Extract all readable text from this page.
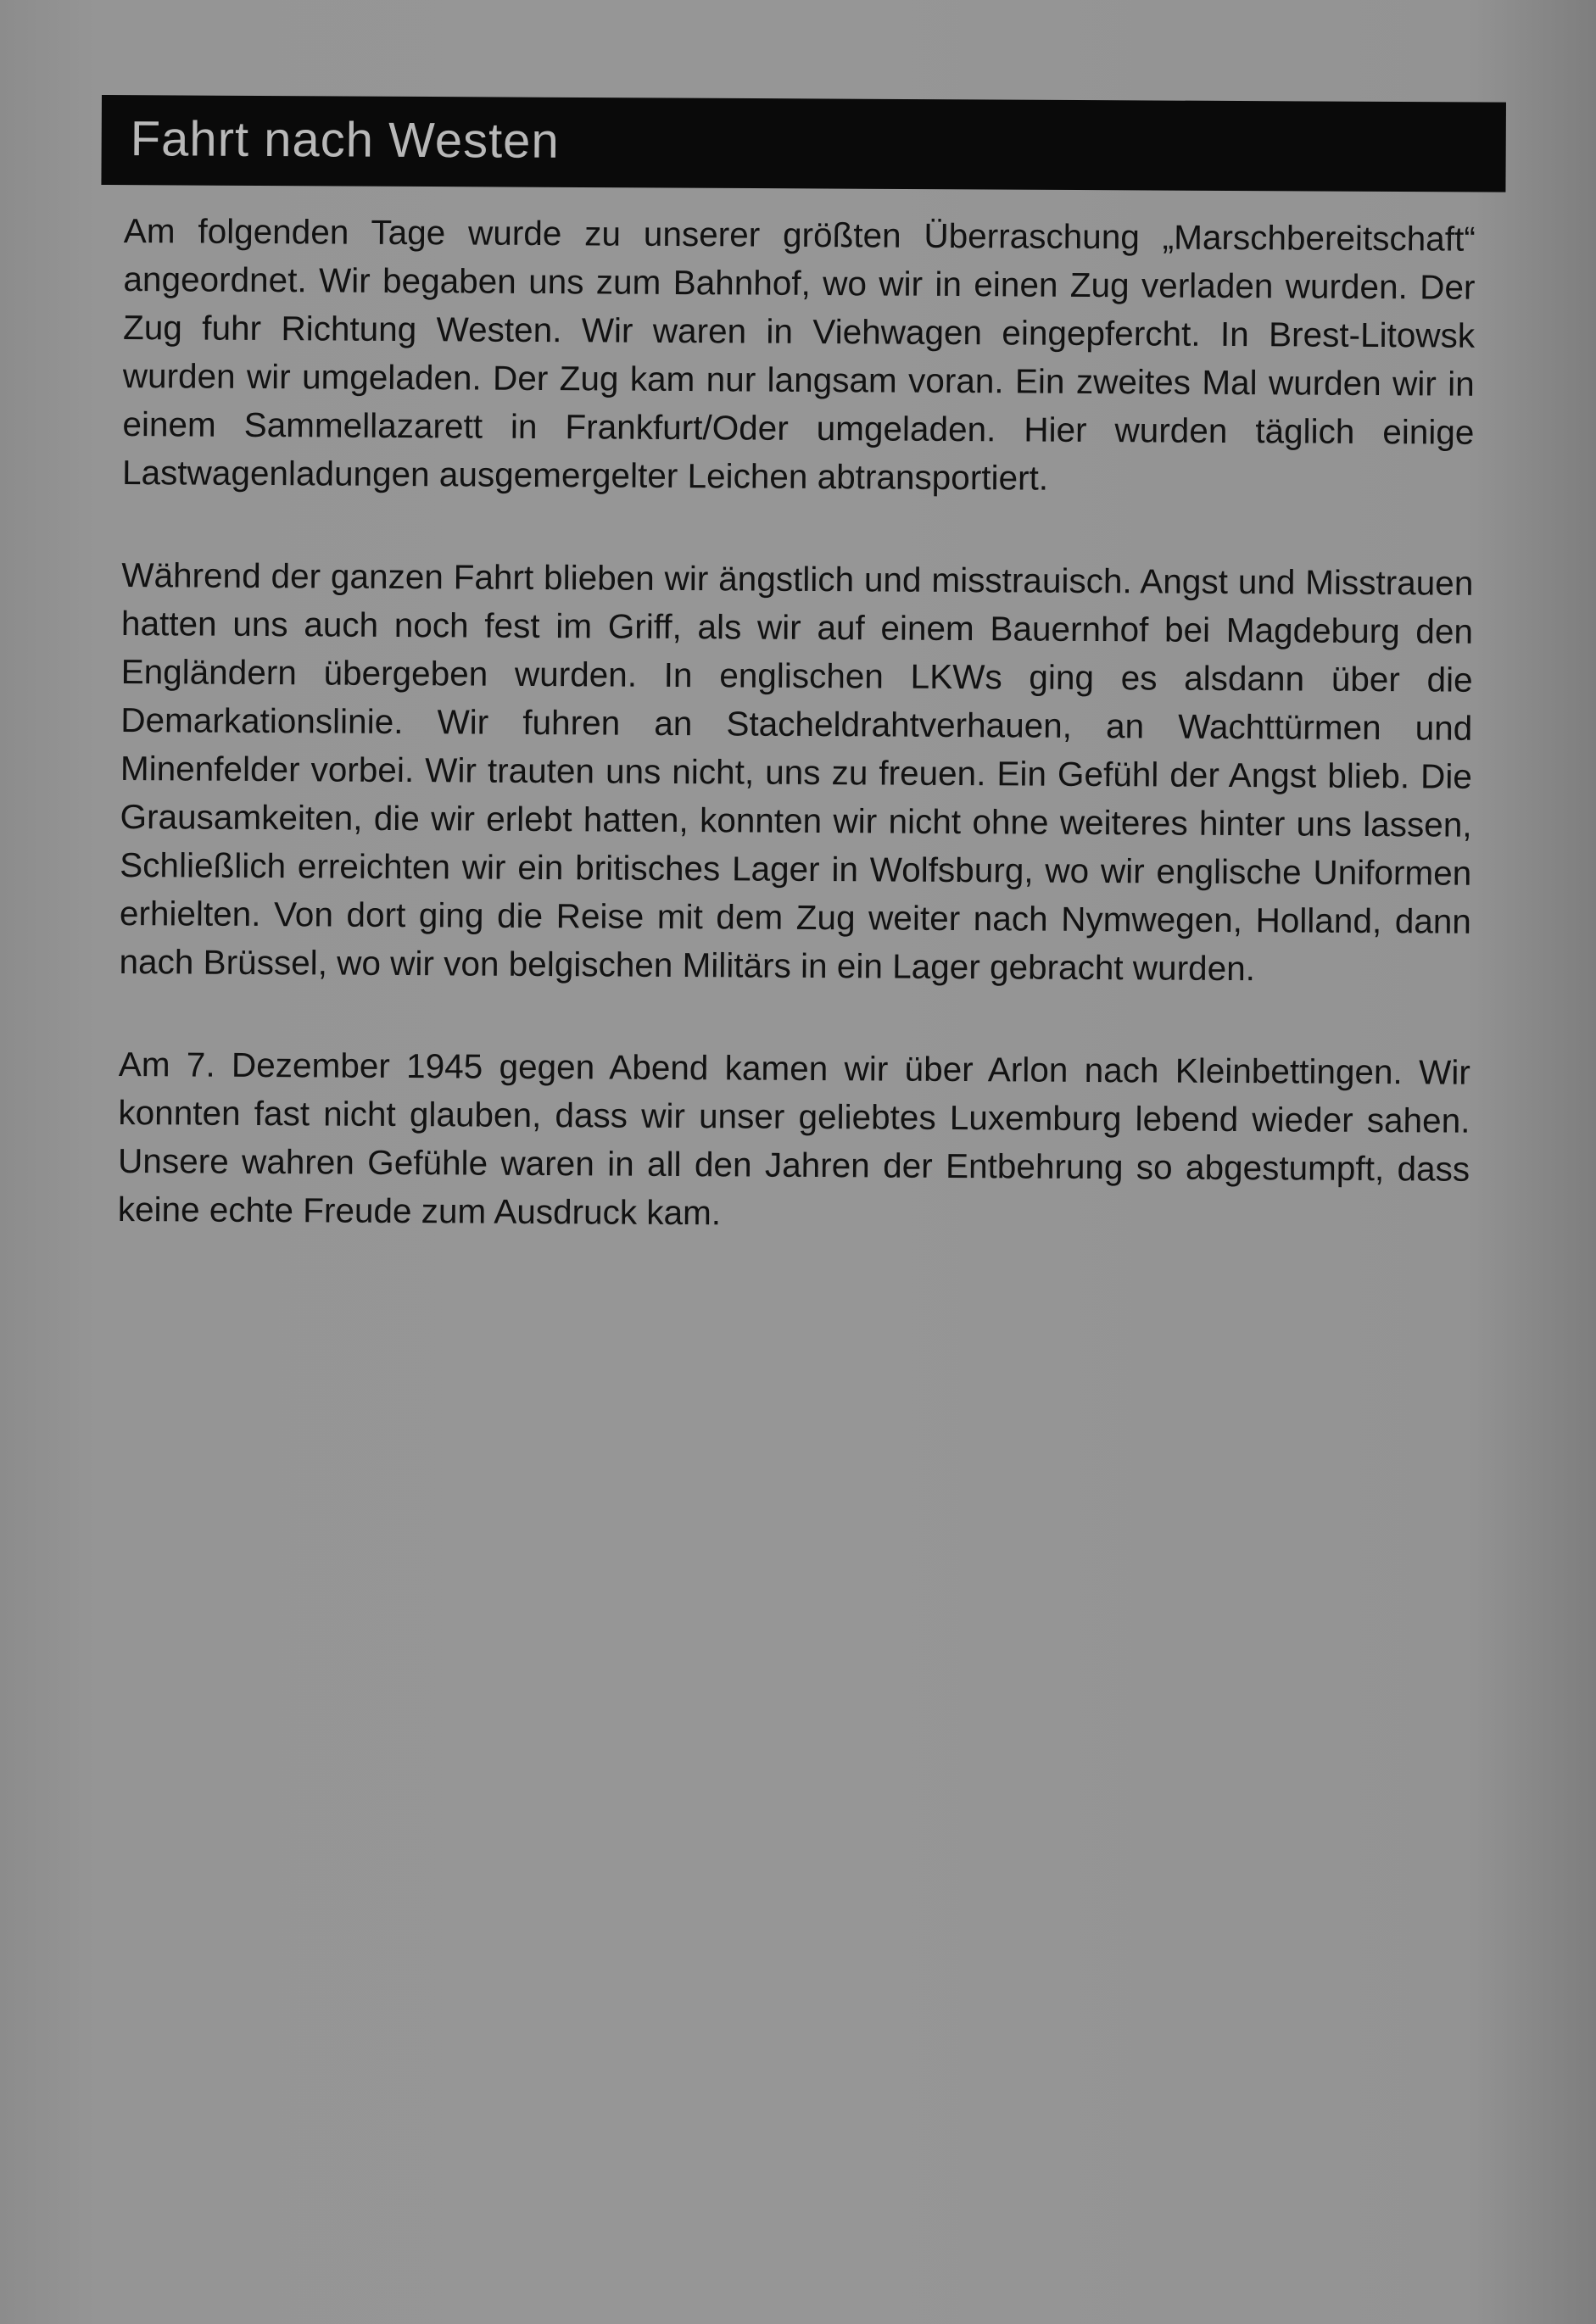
Fahrt nach Westen

Am folgenden Tage wurde zu unserer größten Überraschung „Marschbereitschaft“ angeordnet. Wir begaben uns zum Bahnhof, wo wir in einen Zug verladen wurden. Der Zug fuhr Richtung Westen. Wir waren in Viehwagen eingepfercht. In Brest-Litowsk wurden wir umgeladen. Der Zug kam nur langsam voran. Ein zweites Mal wurden wir in einem Sammellazarett in Frankfurt/Oder umgeladen. Hier wurden täglich einige Lastwagenladungen ausgemergelter Leichen abtransportiert.

Während der ganzen Fahrt blieben wir ängstlich und misstrauisch. Angst und Misstrauen hatten uns auch noch fest im Griff, als wir auf einem Bauernhof bei Magdeburg den Engländern übergeben wurden. In englischen LKWs ging es alsdann über die Demarkationslinie. Wir fuhren an Stacheldrahtverhauen, an Wachttürmen und Minenfelder vorbei. Wir trauten uns nicht, uns zu freuen. Ein Gefühl der Angst blieb. Die Grausamkeiten, die wir erlebt hatten, konnten wir nicht ohne weiteres hinter uns lassen, Schließlich erreichten wir ein britisches Lager in Wolfsburg, wo wir englische Uniformen erhielten. Von dort ging die Reise mit dem Zug weiter nach Nymwegen, Holland, dann nach Brüssel, wo wir von belgischen Militärs in ein Lager gebracht wurden.

Am 7. Dezember 1945 gegen Abend kamen wir über Arlon nach Kleinbettingen. Wir konnten fast nicht glauben, dass wir unser geliebtes Luxemburg lebend wieder sahen. Unsere wahren Gefühle waren in all den Jahren der Entbehrung so abgestumpft, dass keine echte Freude zum Ausdruck kam.
